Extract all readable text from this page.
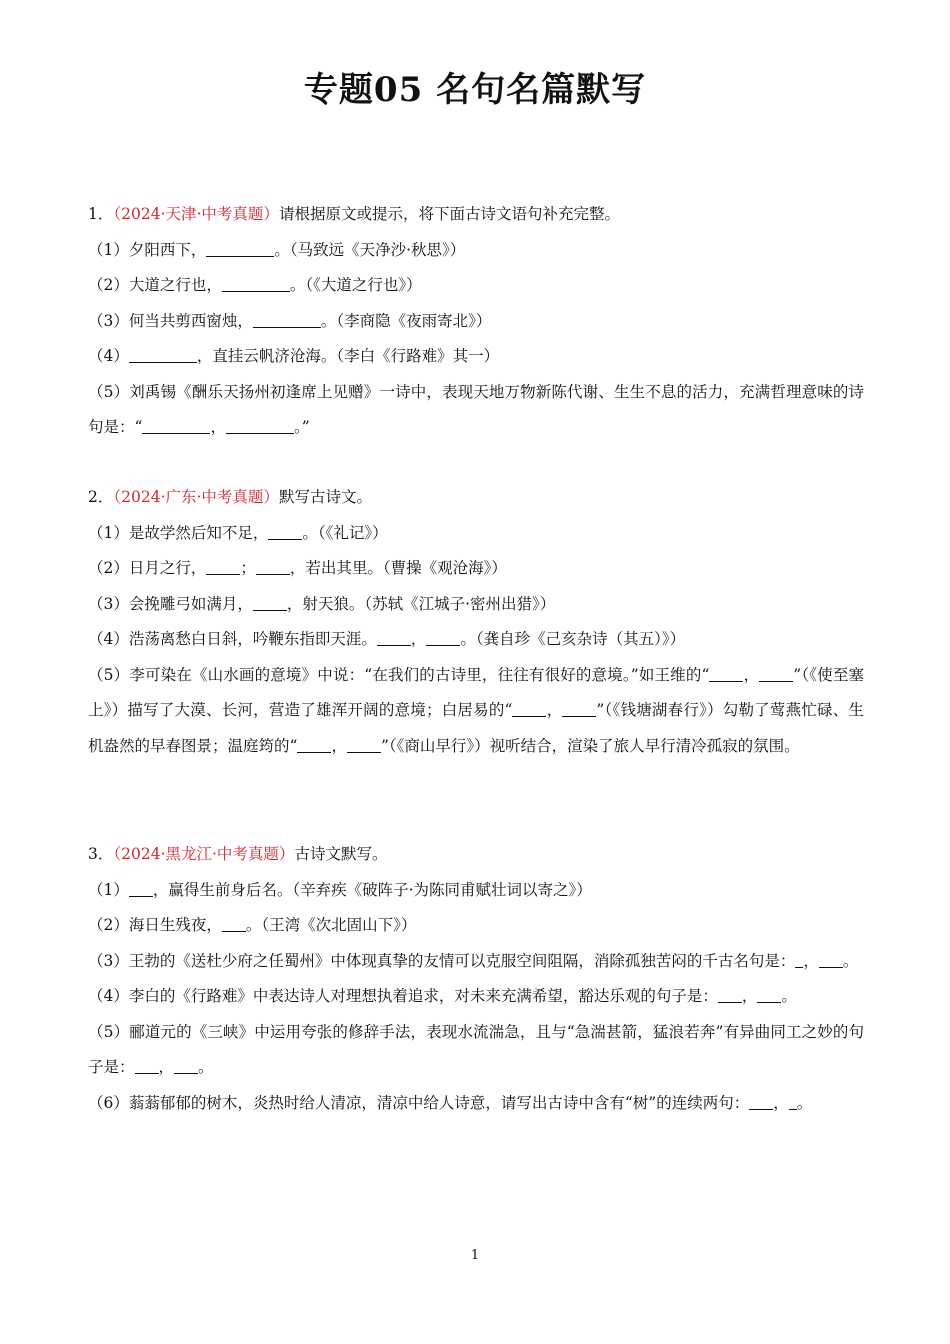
专题05 名句名篇默写
1．（2024·天津·中考真题）请根据原文或提示，将下面古诗文语句补充完整。
（1）夕阳西下，	。（马致远《天净沙·秋思》）
（2）大道之行也，	。（《大道之行也》）
（3）何当共剪西窗烛，	。（李商隐《夜雨寄北》）
（4）	，直挂云帆济沧海。（李白《行路难》其一）
（5）刘禹锡《酬乐天扬州初逢席上见赠》一诗中，表现天地万物新陈代谢、生生不息的活力，充满哲理意味的诗句是：“	，	。”
2．（2024·广东·中考真题）默写古诗文。
（1）是故学然后知不足， 。（《礼记》）
（2）日月之行， ； ，若出其里。（曹操《观沧海》）
（3）会挽雕弓如满月， ，射天狼。（苏轼《江城子·密州出猎》）
（4）浩荡离愁白日斜，吟鞭东指即天涯。 ， 。（龚自珍《己亥杂诗（其五）》）
（5）李可染在《山水画的意境》中说：“在我们的古诗里，往往有很好的意境。”如王维的“ ， ”（《使至塞上》）描写了大漠、长河，营造了雄浑开阔的意境；白居易的“ ， ”（《钱塘湖春行》）勾勒了莺燕忙碌、生机盎然的早春图景；温庭筠的“ ， ”（《商山早行》）视听结合，渲染了旅人早行清冷孤寂的氛围。
3．（2024·黑龙江·中考真题）古诗文默写。
（1） ，赢得生前身后名。（辛弃疾《破阵子·为陈同甫赋壮词以寄之》）
（2）海日生残夜， 。（王湾《次北固山下》）
（3）王勃的《送杜少府之任蜀州》中体现真挚的友情可以克服空间阻隔，消除孤独苦闷的千古名句是： ， 。
（4）李白的《行路难》中表达诗人对理想执着追求，对未来充满希望，豁达乐观的句子是： ， 。
（5）郦道元的《三峡》中运用夸张的修辞手法，表现水流湍急，且与“急湍甚箭，猛浪若奔”有异曲同工之妙的句子是： ， 。
（6）蓊蓊郁郁的树木，炎热时给人清凉，清凉中给人诗意，请写出古诗中含有“树”的连续两句： ， 。
1
